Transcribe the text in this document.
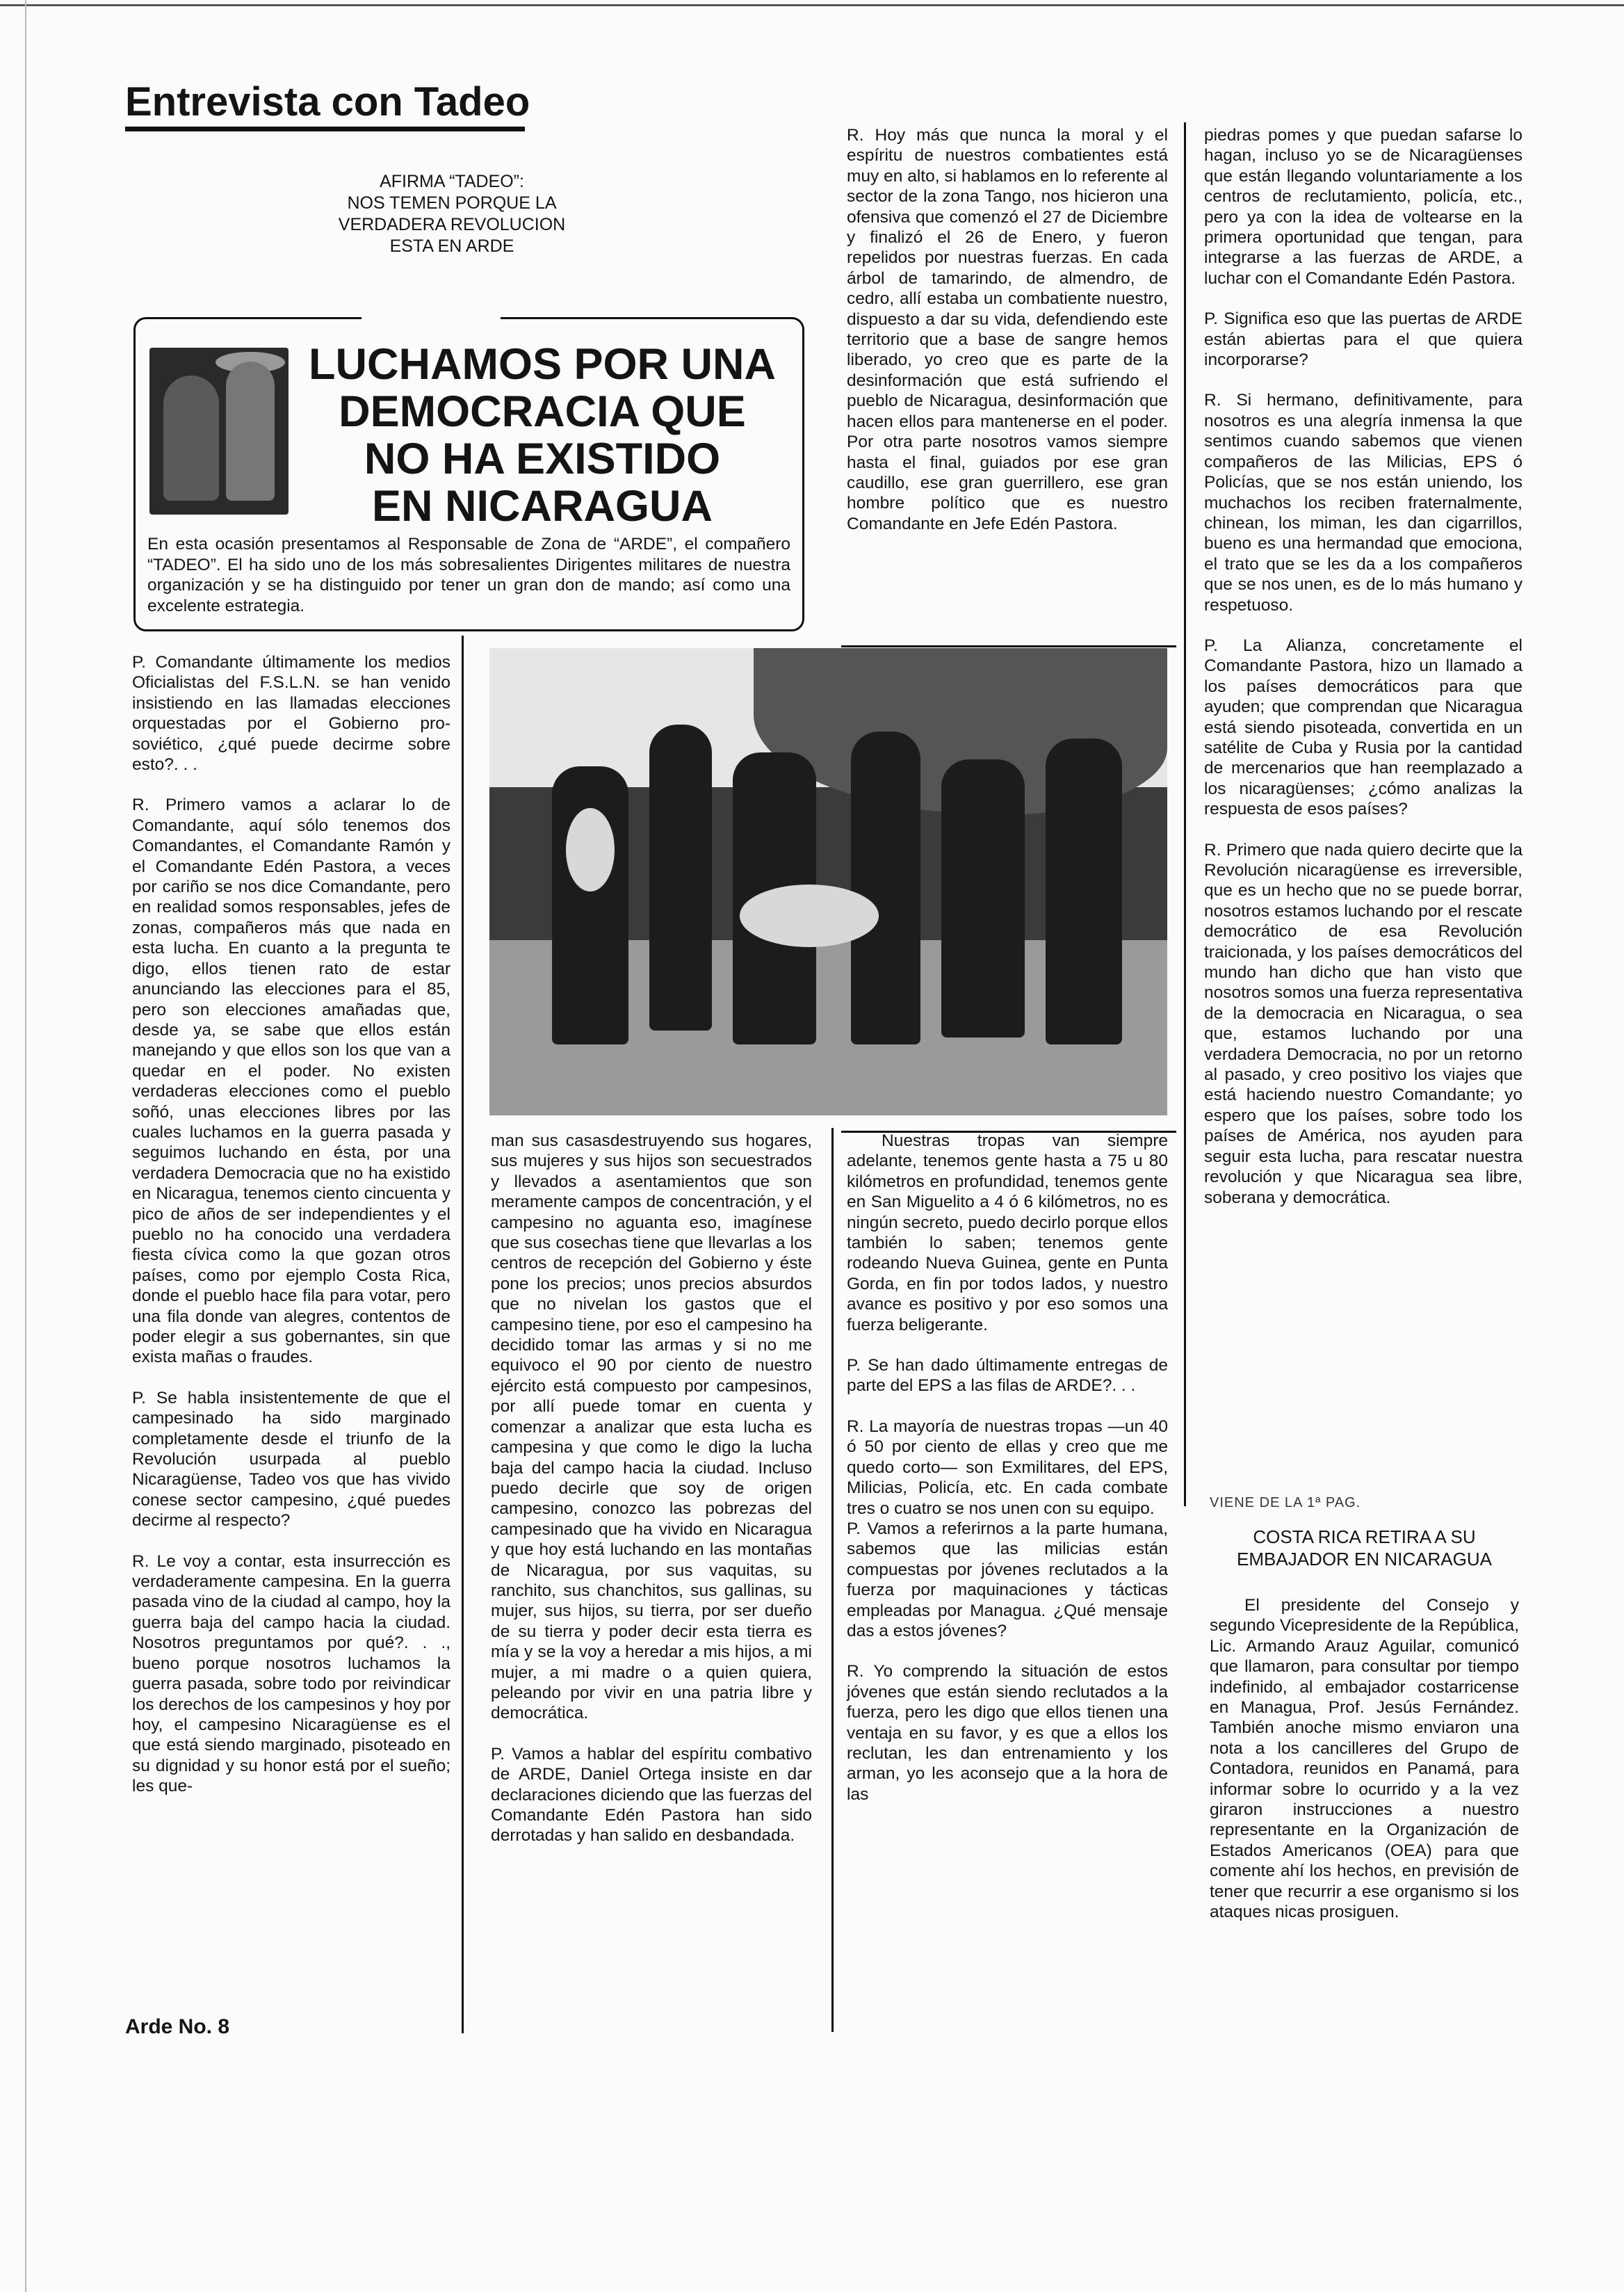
Entrevista con Tadeo
AFIRMA “TADEO”:
NOS TEMEN PORQUE LA
VERDADERA REVOLUCION
ESTA EN ARDE
LUCHAMOS POR UNA
DEMOCRACIA QUE
NO HA EXISTIDO
EN NICARAGUA
En esta ocasión presentamos al Responsable de Zona de “ARDE”, el compañero “TADEO”. El ha sido uno de los más sobresalientes Dirigentes militares de nuestra organización y se ha distinguido por tener un gran don de mando; así como una excelente estrategia.

P. Comandante últimamente los medios Oficialistas del F.S.L.N. se han venido insistiendo en las llamadas elecciones orquestadas por el Gobierno pro-soviético, ¿qué puede decirme sobre esto?. . .

R. Primero vamos a aclarar lo de Comandante, aquí sólo tenemos dos Comandantes, el Comandante Ramón y el Comandante Edén Pastora, a veces por cariño se nos dice Comandante, pero en realidad somos responsables, jefes de zonas, compañeros más que nada en esta lucha. En cuanto a la pregunta te digo, ellos tienen rato de estar anunciando las elecciones para el 85, pero son elecciones amañadas que, desde ya, se sabe que ellos están manejando y que ellos son los que van a quedar en el poder. No existen verdaderas elecciones como el pueblo soñó, unas elecciones libres por las cuales luchamos en la guerra pasada y seguimos luchando en ésta, por una verdadera Democracia que no ha existido en Nicaragua, tenemos ciento cincuenta y pico de años de ser independientes y el pueblo no ha conocido una verdadera fiesta cívica como la que gozan otros países, como por ejemplo Costa Rica, donde el pueblo hace fila para votar, pero una fila donde van alegres, contentos de poder elegir a sus gobernantes, sin que exista mañas o fraudes.

P. Se habla insistentemente de que el campesinado ha sido marginado completamente desde el triunfo de la Revolución usurpada al pueblo Nicaragüense, Tadeo vos que has vivido conese sector campesino, ¿qué puedes decirme al respecto?

R. Le voy a contar, esta insurrección es verdaderamente campesina. En la guerra pasada vino de la ciudad al campo, hoy la guerra baja del campo hacia la ciudad. Nosotros preguntamos por qué?. . ., bueno porque nosotros luchamos la guerra pasada, sobre todo por reivindicar los derechos de los campesinos y hoy por hoy, el campesino Nicaragüense es el que está siendo marginado, pisoteado en su dignidad y su honor está por el sueño; les que-

man sus casasdestruyendo sus hogares, sus mujeres y sus hijos son secuestrados y llevados a asentamientos que son meramente campos de concentración, y el campesino no aguanta eso, imagínese que sus cosechas tiene que llevarlas a los centros de recepción del Gobierno y éste pone los precios; unos precios absurdos que no nivelan los gastos que el campesino tiene, por eso el campesino ha decidido tomar las armas y si no me equivoco el 90 por ciento de nuestro ejército está compuesto por campesinos, por allí puede tomar en cuenta y comenzar a analizar que esta lucha es campesina y que como le digo la lucha baja del campo hacia la ciudad. Incluso puedo decirle que soy de origen campesino, conozco las pobrezas del campesinado que ha vivido en Nicaragua y que hoy está luchando en las montañas de Nicaragua, por sus vaquitas, su ranchito, sus chanchitos, sus gallinas, su mujer, sus hijos, su tierra, por ser dueño de su tierra y poder decir esta tierra es mía y se la voy a heredar a mis hijos, a mi mujer, a mi madre o a quien quiera, peleando por vivir en una patria libre y democrática.

P. Vamos a hablar del espíritu combativo de ARDE, Daniel Ortega insiste en dar declaraciones diciendo que las fuerzas del Comandante Edén Pastora han sido derrotadas y han salido en desbandada.

R. Hoy más que nunca la moral y el espíritu de nuestros combatientes está muy en alto, si hablamos en lo referente al sector de la zona Tango, nos hicieron una ofensiva que comenzó el 27 de Diciembre y finalizó el 26 de Enero, y fueron repelidos por nuestras fuerzas. En cada árbol de tamarindo, de almendro, de cedro, allí estaba un combatiente nuestro, dispuesto a dar su vida, defendiendo este territorio que a base de sangre hemos liberado, yo creo que es parte de la desinformación que está sufriendo el pueblo de Nicaragua, desinformación que hacen ellos para mantenerse en el poder. Por otra parte nosotros vamos siempre hasta el final, guiados por ese gran caudillo, ese gran guerrillero, ese gran hombre político que es nuestro Comandante en Jefe Edén Pastora.

Nuestras tropas van siempre adelante, tenemos gente hasta a 75 u 80 kilómetros en profundidad, tenemos gente en San Miguelito a 4 ó 6 kilómetros, no es ningún secreto, puedo decirlo porque ellos también lo saben; tenemos gente rodeando Nueva Guinea, gente en Punta Gorda, en fin por todos lados, y nuestro avance es positivo y por eso somos una fuerza beligerante.

P. Se han dado últimamente entregas de parte del EPS a las filas de ARDE?. . .

R. La mayoría de nuestras tropas —un 40 ó 50 por ciento de ellas y creo que me quedo corto— son Exmilitares, del EPS, Milicias, Policía, etc. En cada combate tres o cuatro se nos unen con su equipo.

P. Vamos a referirnos a la parte humana, sabemos que las milicias están compuestas por jóvenes reclutados a la fuerza por maquinaciones y tácticas empleadas por Managua. ¿Qué mensaje das a estos jóvenes?

R. Yo comprendo la situación de estos jóvenes que están siendo reclutados a la fuerza, pero les digo que ellos tienen una ventaja en su favor, y es que a ellos los reclutan, les dan entrenamiento y los arman, yo les aconsejo que a la hora de las

piedras pomes y que puedan safarse lo hagan, incluso yo se de Nicaragüenses que están llegando voluntariamente a los centros de reclutamiento, policía, etc., pero ya con la idea de voltearse en la primera oportunidad que tengan, para integrarse a las fuerzas de ARDE, a luchar con el Comandante Edén Pastora.

P. Significa eso que las puertas de ARDE están abiertas para el que quiera incorporarse?

R. Si hermano, definitivamente, para nosotros es una alegría inmensa la que sentimos cuando sabemos que vienen compañeros de las Milicias, EPS ó Policías, que se nos están uniendo, los muchachos los reciben fraternalmente, chinean, los miman, les dan cigarrillos, bueno es una hermandad que emociona, el trato que se les da a los compañeros que se nos unen, es de lo más humano y respetuoso.

P. La Alianza, concretamente el Comandante Pastora, hizo un llamado a los países democráticos para que ayuden; que comprendan que Nicaragua está siendo pisoteada, convertida en un satélite de Cuba y Rusia por la cantidad de mercenarios que han reemplazado a los nicaragüenses; ¿cómo analizas la respuesta de esos países?

R. Primero que nada quiero decirte que la Revolución nicaragüense es irreversible, que es un hecho que no se puede borrar, nosotros estamos luchando por el rescate democrático de esa Revolución traicionada, y los países democráticos del mundo han dicho que han visto que nosotros somos una fuerza representativa de la democracia en Nicaragua, o sea que, estamos luchando por una verdadera Democracia, no por un retorno al pasado, y creo positivo los viajes que está haciendo nuestro Comandante; yo espero que los países, sobre todo los países de América, nos ayuden para seguir esta lucha, para rescatar nuestra revolución y que Nicaragua sea libre, soberana y democrática.

VIENE DE LA 1ª PAG.
COSTA RICA RETIRA A SU
EMBAJADOR EN NICARAGUA

El presidente del Consejo y segundo Vicepresidente de la República, Lic. Armando Arauz Aguilar, comunicó que llamaron, para consultar por tiempo indefinido, al embajador costarricense en Managua, Prof. Jesús Fernández. También anoche mismo enviaron una nota a los cancilleres del Grupo de Contadora, reunidos en Panamá, para informar sobre lo ocurrido y a la vez giraron instrucciones a nuestro representante en la Organización de Estados Americanos (OEA) para que comente ahí los hechos, en previsión de tener que recurrir a ese organismo si los ataques nicas prosiguen.

Arde No. 8
